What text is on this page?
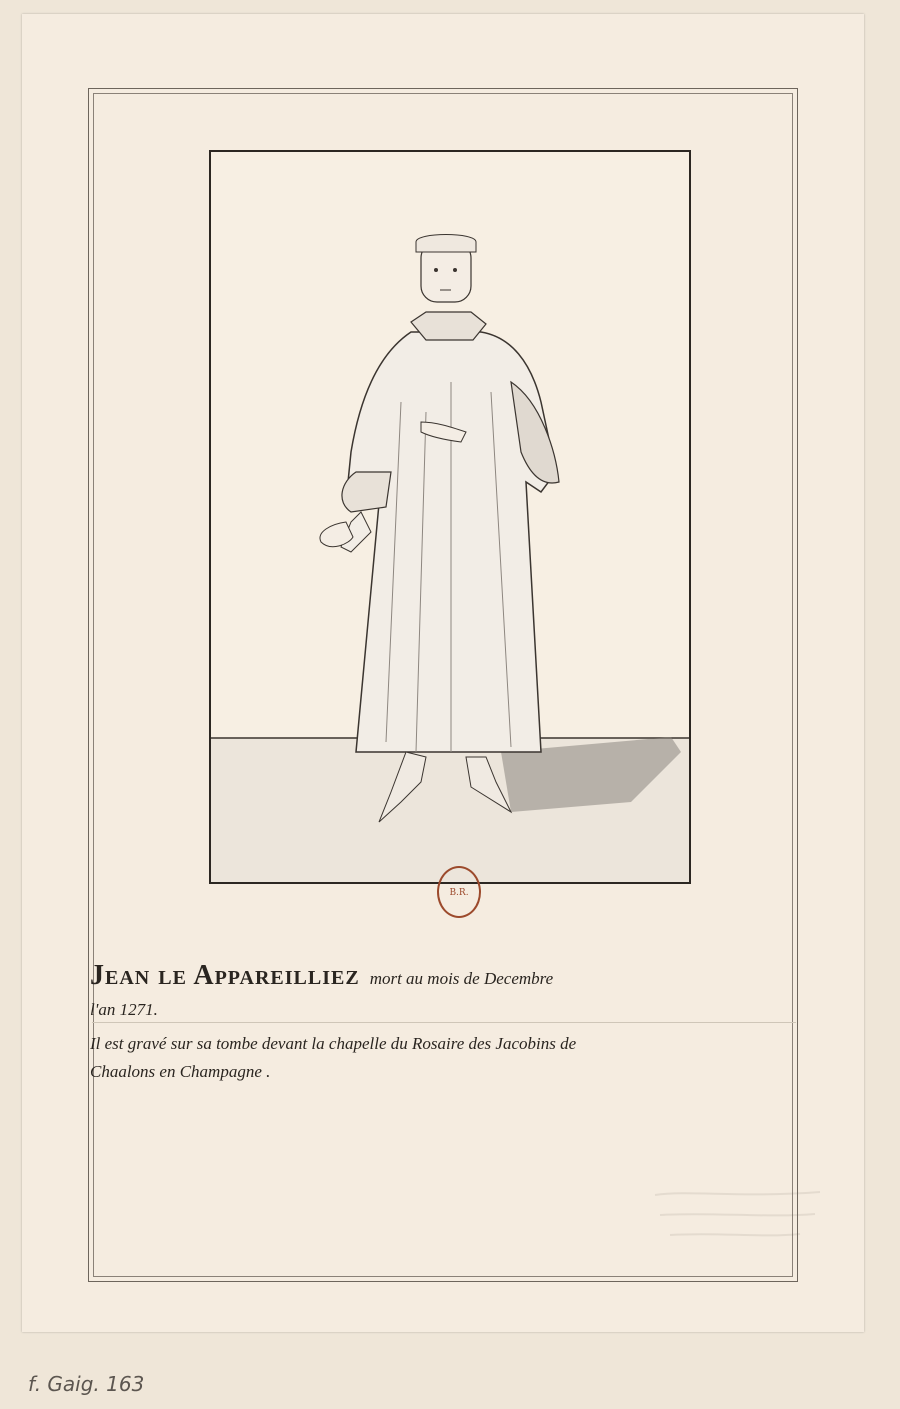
B.R.
Jean le Appareilliez mort au mois de Decembre
l'an 1271.
Il est gravé sur sa tombe devant la chapelle du Rosaire des Jacobins de
Chaalons en Champagne .
f. Gaig. 163
